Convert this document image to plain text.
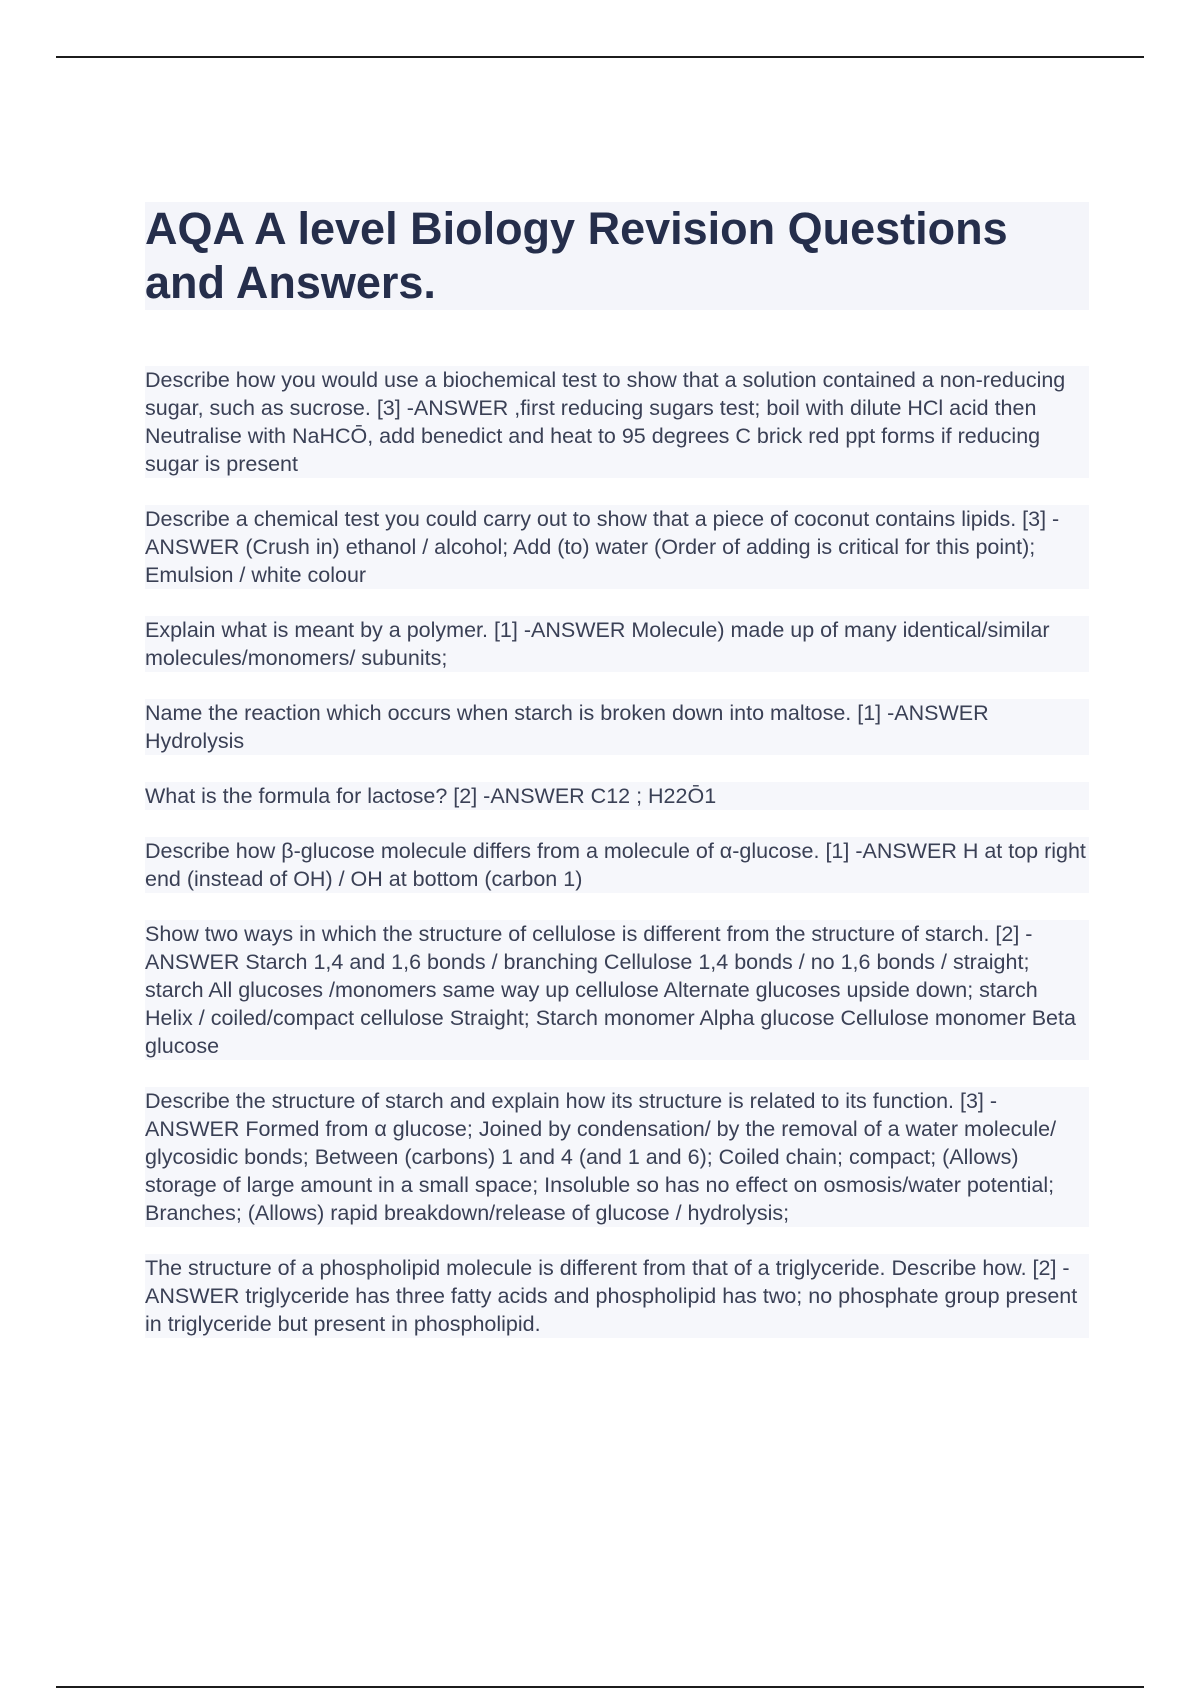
AQA A level Biology Revision Questions and Answers.

Describe how you would use a biochemical test to show that a solution contained a non-reducing sugar, such as sucrose. [3] -ANSWER ,first reducing sugars test; boil with dilute HCl acid then Neutralise with NaHCŌ, add benedict and heat to 95 degrees C brick red ppt forms if reducing sugar is present

Describe a chemical test you could carry out to show that a piece of coconut contains lipids. [3] -ANSWER (Crush in) ethanol / alcohol; Add (to) water (Order of adding is critical for this point); Emulsion / white colour

Explain what is meant by a polymer. [1] -ANSWER Molecule) made up of many identical/similar molecules/monomers/ subunits;

Name the reaction which occurs when starch is broken down into maltose. [1] -ANSWER Hydrolysis

What is the formula for lactose? [2] -ANSWER C12 ; H22Ō1

Describe how β-glucose molecule differs from a molecule of α-glucose. [1] -ANSWER H at top right end (instead of OH) / OH at bottom (carbon 1)

Show two ways in which the structure of cellulose is different from the structure of starch. [2] -ANSWER Starch 1,4 and 1,6 bonds / branching Cellulose 1,4 bonds / no 1,6 bonds / straight; starch All glucoses /monomers same way up cellulose Alternate glucoses upside down; starch Helix / coiled/compact cellulose Straight; Starch monomer Alpha glucose Cellulose monomer Beta glucose

Describe the structure of starch and explain how its structure is related to its function. [3] -ANSWER Formed from α glucose; Joined by condensation/ by the removal of a water molecule/ glycosidic bonds; Between (carbons) 1 and 4 (and 1 and 6); Coiled chain; compact; (Allows) storage of large amount in a small space; Insoluble so has no effect on osmosis/water potential; Branches; (Allows) rapid breakdown/release of glucose / hydrolysis;

The structure of a phospholipid molecule is different from that of a triglyceride. Describe how. [2] -ANSWER triglyceride has three fatty acids and phospholipid has two; no phosphate group present in triglyceride but present in phospholipid.
